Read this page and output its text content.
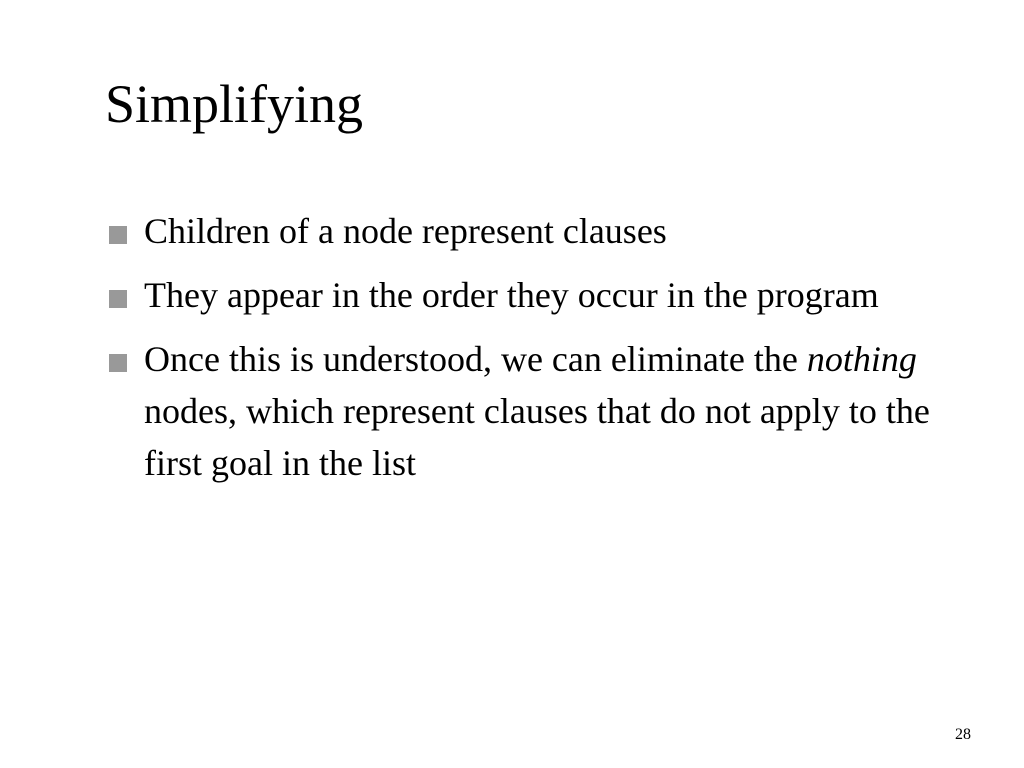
Simplifying
Children of a node represent clauses
They appear in the order they occur in the program
Once this is understood, we can eliminate the nothing nodes, which represent clauses that do not apply to the first goal in the list
28
